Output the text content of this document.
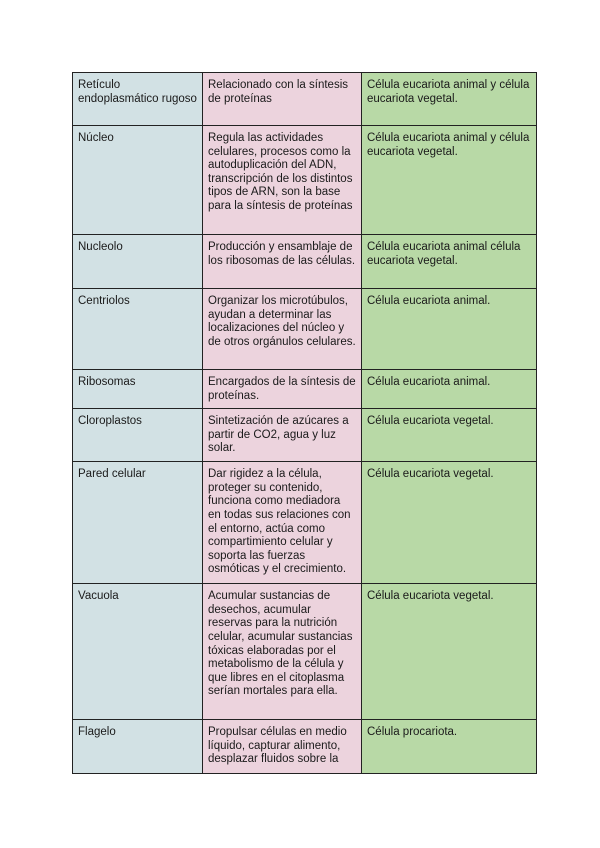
Retículo endoplasmático rugoso	Relacionado con la síntesis de proteínas	Célula eucariota animal y célula eucariota vegetal.
Núcleo	Regula las actividades celulares, procesos como la autoduplicación del ADN, transcripción de los distintos tipos de ARN, son la base para la síntesis de proteínas	Célula eucariota animal y célula eucariota vegetal.
Nucleolo	Producción y ensamblaje de los ribosomas de las células.	Célula eucariota animal célula eucariota vegetal.
Centriolos	Organizar los microtúbulos, ayudan a determinar las localizaciones del núcleo y de otros orgánulos celulares.	Célula eucariota animal.
Ribosomas	Encargados de la síntesis de proteínas.	Célula eucariota animal.
Cloroplastos	Sintetización de azúcares a partir de CO2, agua y luz solar.	Célula eucariota vegetal.
Pared celular	Dar rigidez a la célula, proteger su contenido, funciona como mediadora en todas sus relaciones con el entorno, actúa como compartimiento celular y soporta las fuerzas osmóticas y el crecimiento.	Célula eucariota vegetal.
Vacuola	Acumular sustancias de desechos, acumular reservas para la nutrición celular, acumular sustancias tóxicas elaboradas por el metabolismo de la célula y que libres en el citoplasma serían mortales para ella.	Célula eucariota vegetal.
Flagelo	Propulsar células en medio líquido, capturar alimento, desplazar fluidos sobre la	Célula procariota.
